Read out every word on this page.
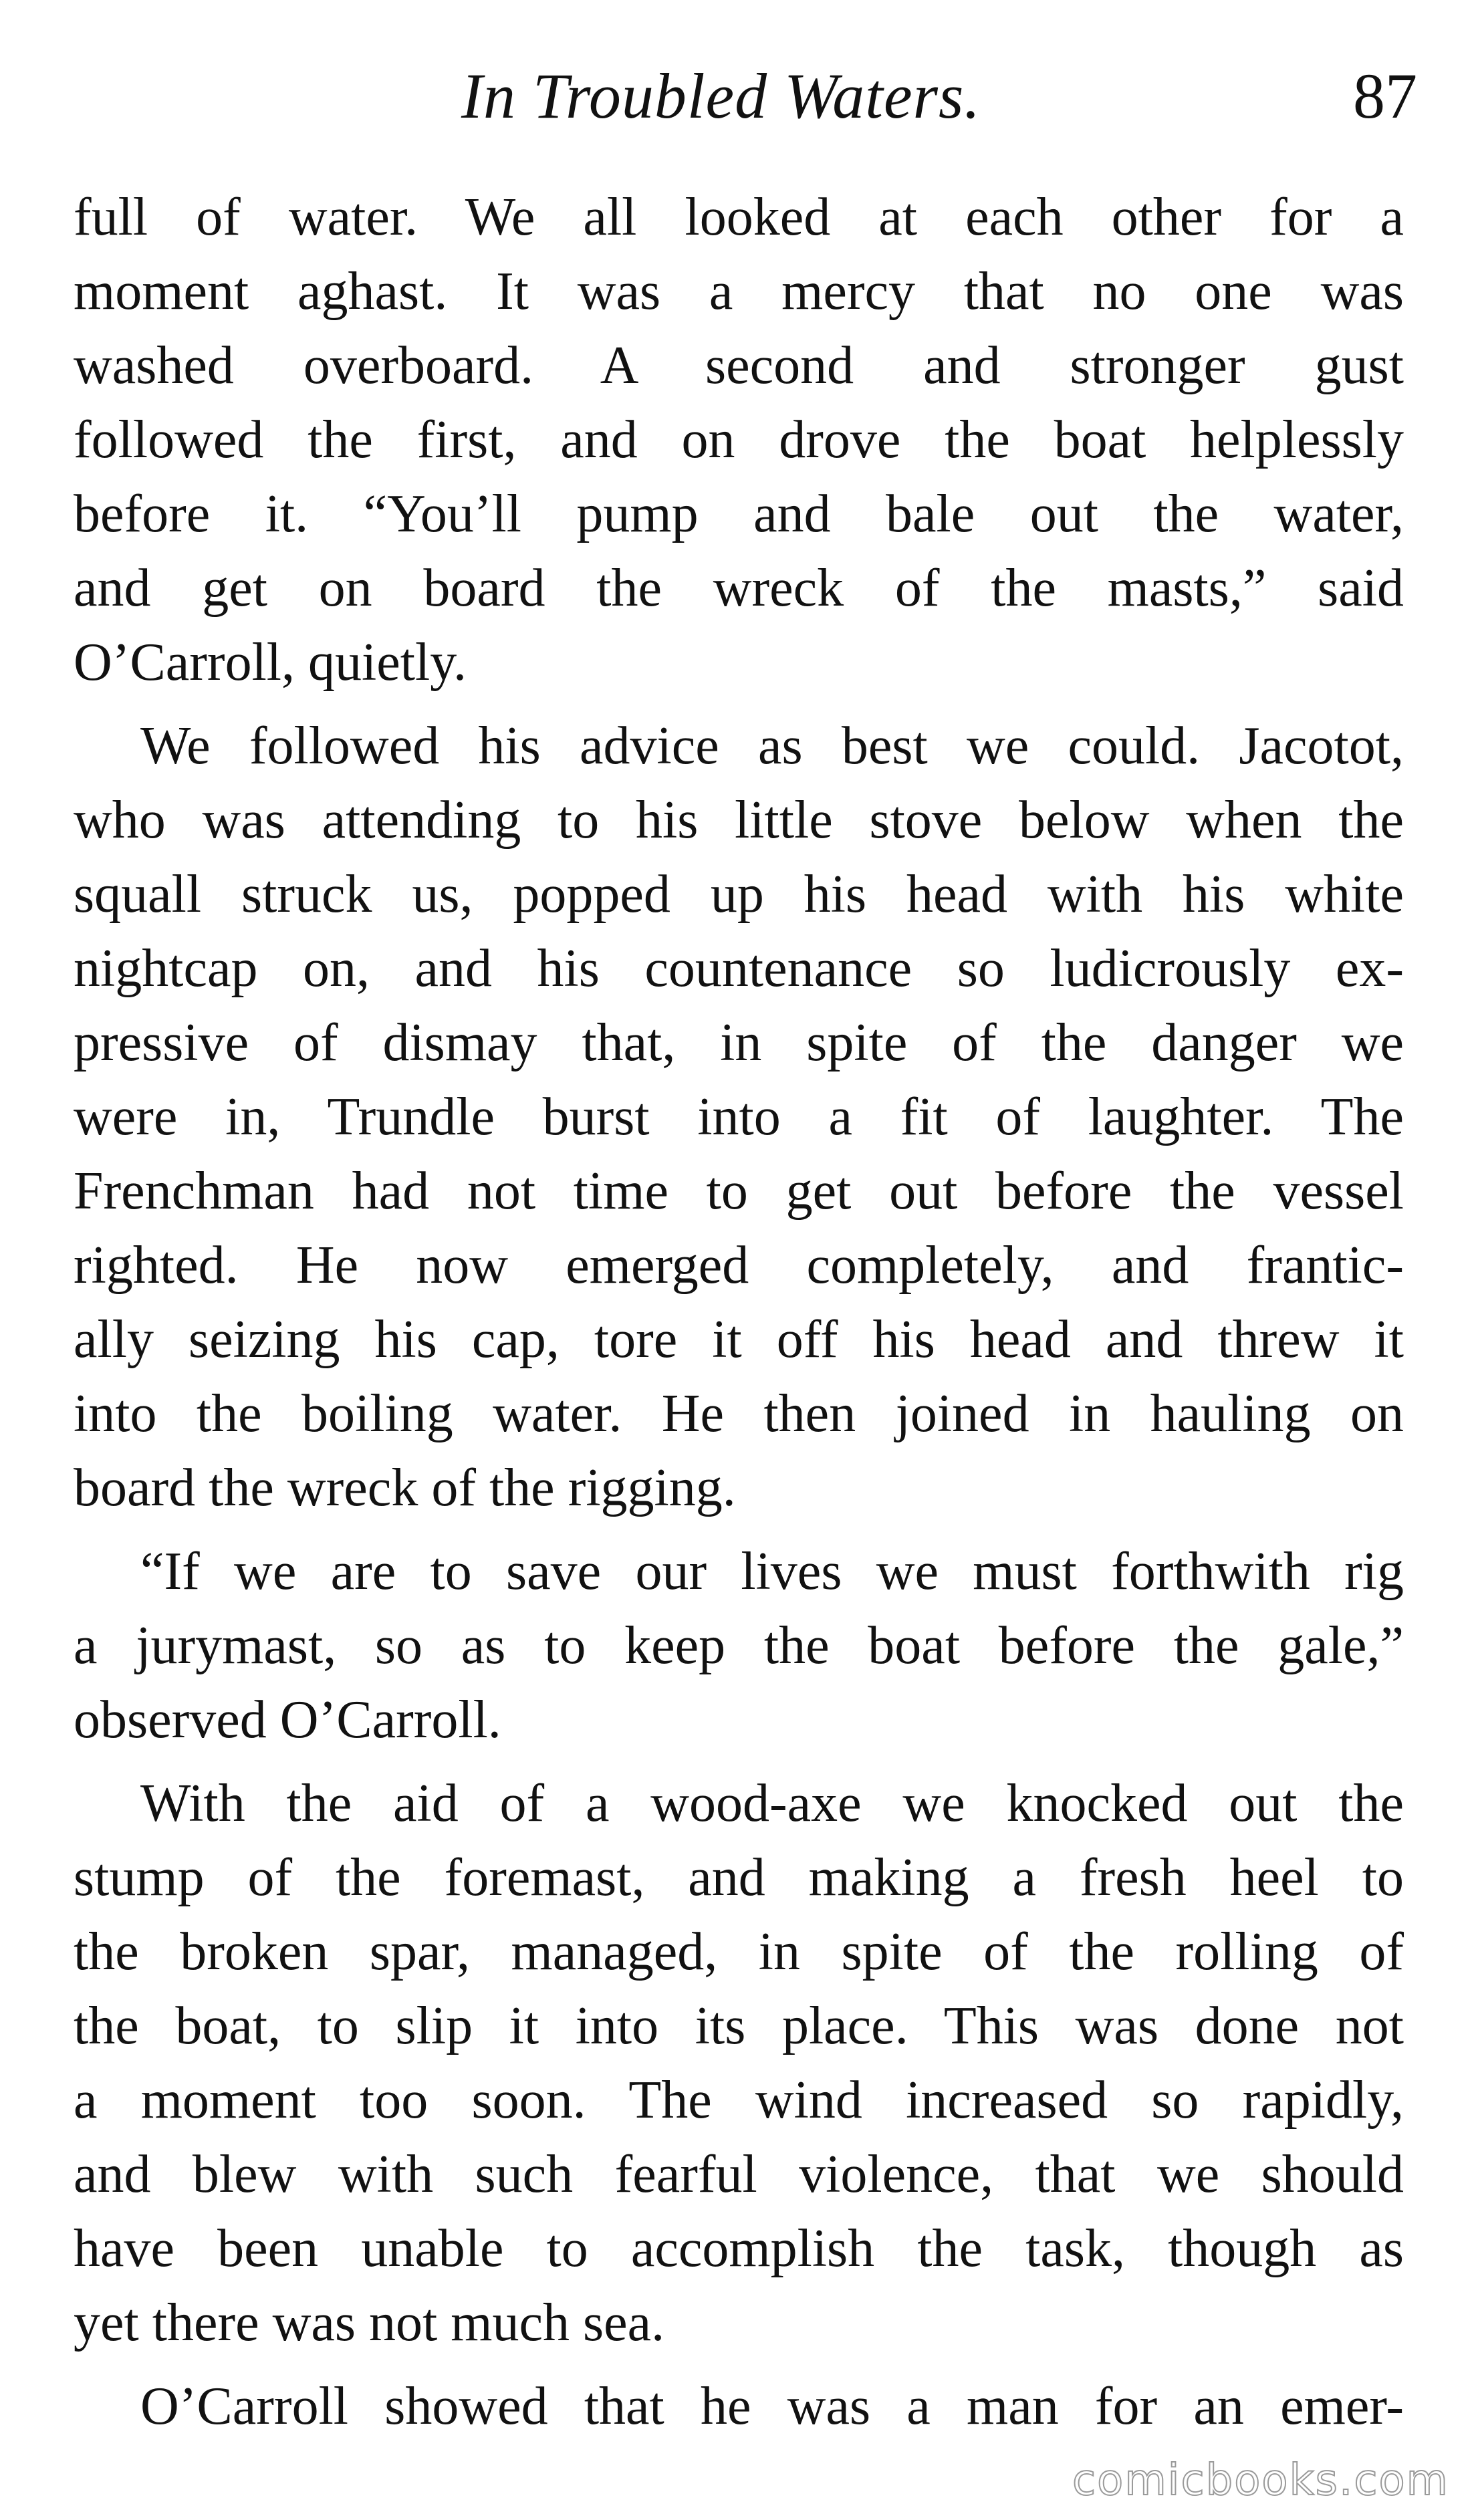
In Troubled Waters.	87
full of water. We all looked at each other for a
moment aghast. It was a mercy that no one was
washed overboard. A second and stronger gust
followed the first, and on drove the boat helplessly
before it. “You’ll pump and bale out the water,
and get on board the wreck of the masts,” said
O’Carroll, quietly.
We followed his advice as best we could. Jacotot,
who was attending to his little stove below when the
squall struck us, popped up his head with his white
nightcap on, and his countenance so ludicrously ex-
pressive of dismay that, in spite of the danger we
were in, Trundle burst into a fit of laughter. The
Frenchman had not time to get out before the vessel
righted. He now emerged completely, and frantic-
ally seizing his cap, tore it off his head and threw it
into the boiling water. He then joined in hauling on
board the wreck of the rigging.
“If we are to save our lives we must forthwith rig
a jurymast, so as to keep the boat before the gale,”
observed O’Carroll.
With the aid of a wood-axe we knocked out the
stump of the foremast, and making a fresh heel to
the broken spar, managed, in spite of the rolling of
the boat, to slip it into its place. This was done not
a moment too soon. The wind increased so rapidly,
and blew with such fearful violence, that we should
have been unable to accomplish the task, though as
yet there was not much sea.
O’Carroll showed that he was a man for an emer-
comicbooks.com
